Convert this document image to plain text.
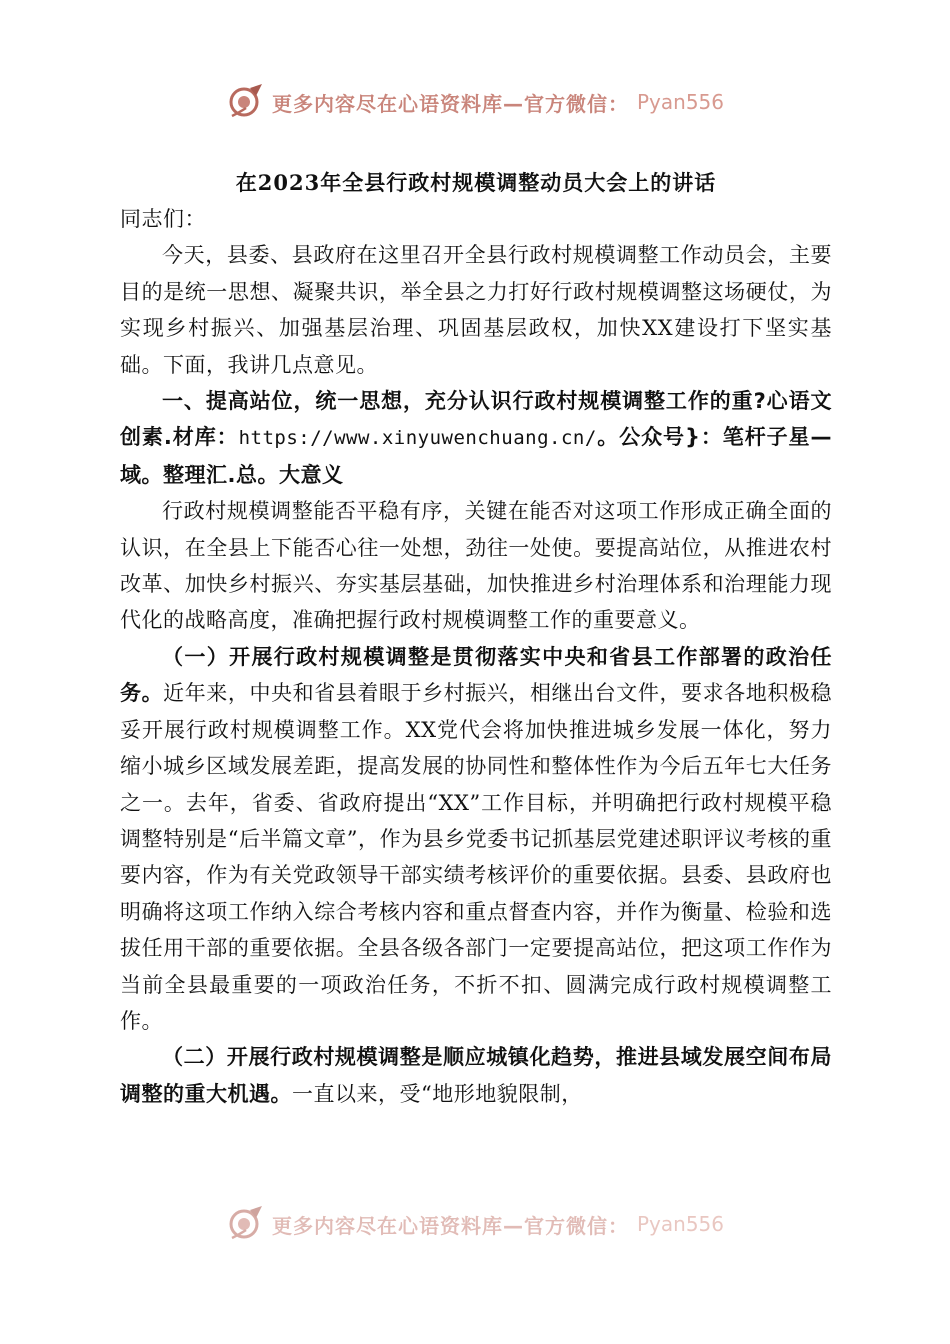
更多内容尽在心语资料库—官方微信： Pyan556

在2023年全县行政村规模调整动员大会上的讲话

同志们：

今天，县委、县政府在这里召开全县行政村规模调整工作动员会，主要目的是统一思想、凝聚共识，举全县之力打好行政村规模调整这场硬仗，为实现乡村振兴、加强基层治理、巩固基层政权，加快XX建设打下坚实基础。下面，我讲几点意见。

一、提高站位，统一思想，充分认识行政村规模调整工作的重?心语文创素.材库：https://www.xinyuwenchuang.cn/。公众号}：笔杆子星—域。整理汇.总。大意义

行政村规模调整能否平稳有序，关键在能否对这项工作形成正确全面的认识，在全县上下能否心往一处想，劲往一处使。要提高站位，从推进农村改革、加快乡村振兴、夯实基层基础，加快推进乡村治理体系和治理能力现代化的战略高度，准确把握行政村规模调整工作的重要意义。

（一）开展行政村规模调整是贯彻落实中央和省县工作部署的政治任务。近年来，中央和省县着眼于乡村振兴，相继出台文件，要求各地积极稳妥开展行政村规模调整工作。XX党代会将加快推进城乡发展一体化，努力缩小城乡区域发展差距，提高发展的协同性和整体性作为今后五年七大任务之一。去年，省委、省政府提出“XX”工作目标，并明确把行政村规模平稳调整特别是“后半篇文章”，作为县乡党委书记抓基层党建述职评议考核的重要内容，作为有关党政领导干部实绩考核评价的重要依据。县委、县政府也明确将这项工作纳入综合考核内容和重点督查内容，并作为衡量、检验和选拔任用干部的重要依据。全县各级各部门一定要提高站位，把这项工作作为当前全县最重要的一项政治任务，不折不扣、圆满完成行政村规模调整工作。

（二）开展行政村规模调整是顺应城镇化趋势，推进县域发展空间布局调整的重大机遇。一直以来，受“地形地貌限制，

更多内容尽在心语资料库—官方微信： Pyan556
